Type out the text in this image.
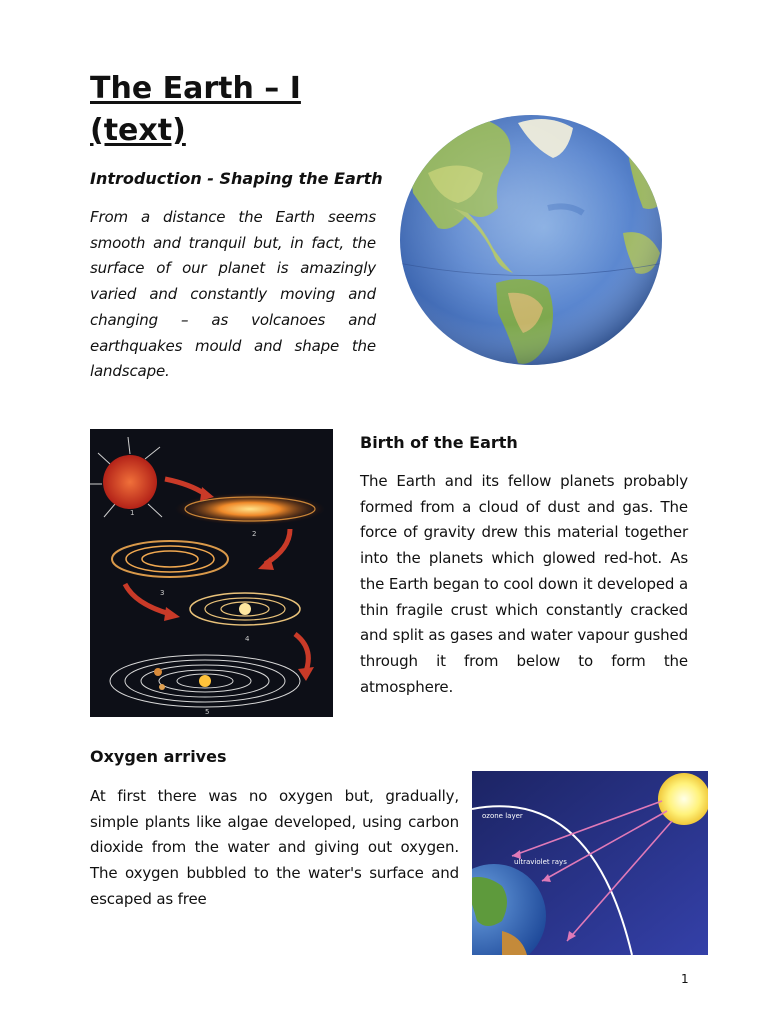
The Earth – I (text)
Introduction - Shaping the Earth
From a distance the Earth seems smooth and tranquil but, in fact, the surface of our planet is amazingly varied and constantly moving and changing – as volcanoes and earthquakes mould and shape the landscape.
1
2
3
4
5
Birth of the Earth
The Earth and its fellow planets probably formed from a cloud of dust and gas. The force of gravity drew this material together into the planets which glowed red-hot. As the Earth began to cool down it developed a thin fragile crust which constantly cracked and split as gases and water vapour gushed through it from below to form the atmosphere.
Oxygen arrives
At first there was no oxygen but, gradually, simple plants like algae developed, using carbon dioxide from the water and giving out oxygen. The oxygen bubbled to the water's surface and escaped as free
ozone layer
ultraviolet rays
1
